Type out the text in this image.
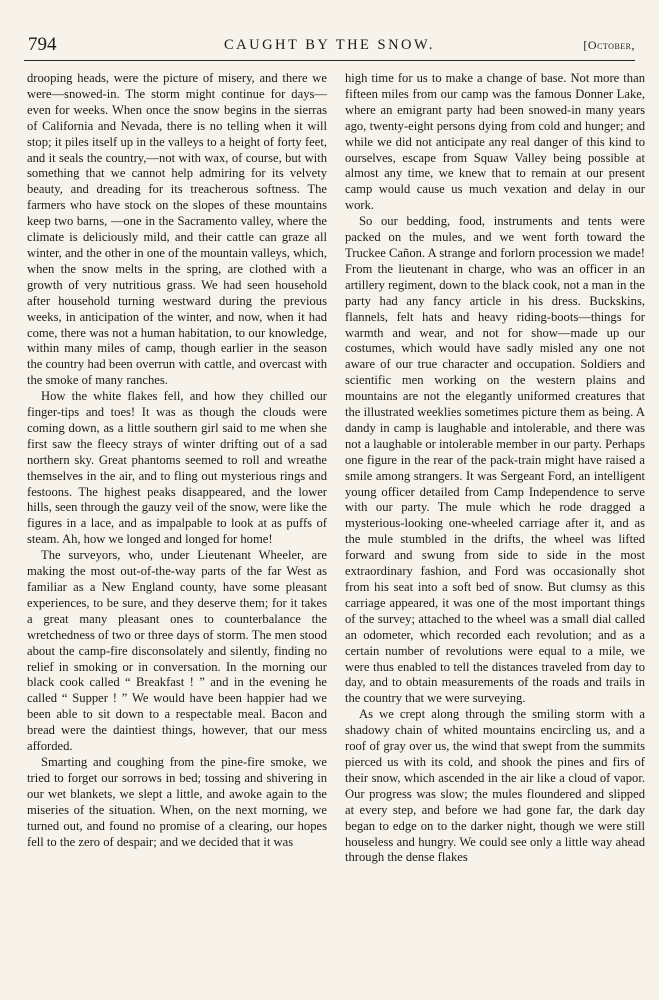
794	CAUGHT BY THE SNOW.	[October,

drooping heads, were the picture of misery, and there we were—snowed-in. The storm might continue for days—even for weeks. When once the snow begins in the sierras of California and Nevada, there is no telling when it will stop; it piles itself up in the valleys to a height of forty feet, and it seals the country,—not with wax, of course, but with something that we cannot help admiring for its velvety beauty, and dreading for its treacherous softness. The farmers who have stock on the slopes of these mountains keep two barns, —one in the Sacramento valley, where the climate is deliciously mild, and their cattle can graze all winter, and the other in one of the mountain valleys, which, when the snow melts in the spring, are clothed with a growth of very nutritious grass. We had seen household after household turning westward during the previous weeks, in anticipation of the winter, and now, when it had come, there was not a human habitation, to our knowledge, within many miles of camp, though earlier in the season the country had been overrun with cattle, and overcast with the smoke of many ranches.

How the white flakes fell, and how they chilled our finger-tips and toes! It was as though the clouds were coming down, as a little southern girl said to me when she first saw the fleecy strays of winter drifting out of a sad northern sky. Great phantoms seemed to roll and wreathe themselves in the air, and to fling out mysterious rings and festoons. The highest peaks disappeared, and the lower hills, seen through the gauzy veil of the snow, were like the figures in a lace, and as impalpable to look at as puffs of steam. Ah, how we longed and longed for home!

The surveyors, who, under Lieutenant Wheeler, are making the most out-of-the-way parts of the far West as familiar as a New England county, have some pleasant experiences, to be sure, and they deserve them; for it takes a great many pleasant ones to counterbalance the wretchedness of two or three days of storm. The men stood about the camp-fire disconsolately and silently, finding no relief in smoking or in conversation. In the morning our black cook called “ Breakfast ! ” and in the evening he called “ Supper ! ” We would have been happier had we been able to sit down to a respectable meal. Bacon and bread were the daintiest things, however, that our mess afforded.

Smarting and coughing from the pine-fire smoke, we tried to forget our sorrows in bed; tossing and shivering in our wet blankets, we slept a little, and awoke again to the miseries of the situation. When, on the next morning, we turned out, and found no promise of a clearing, our hopes fell to the zero of despair; and we decided that it was

high time for us to make a change of base. Not more than fifteen miles from our camp was the famous Donner Lake, where an emigrant party had been snowed-in many years ago, twenty-eight persons dying from cold and hunger; and while we did not anticipate any real danger of this kind to ourselves, escape from Squaw Valley being possible at almost any time, we knew that to remain at our present camp would cause us much vexation and delay in our work.

So our bedding, food, instruments and tents were packed on the mules, and we went forth toward the Truckee Cañon. A strange and forlorn procession we made! From the lieutenant in charge, who was an officer in an artillery regiment, down to the black cook, not a man in the party had any fancy article in his dress. Buckskins, flannels, felt hats and heavy riding-boots—things for warmth and wear, and not for show—made up our costumes, which would have sadly misled any one not aware of our true character and occupation. Soldiers and scientific men working on the western plains and mountains are not the elegantly uniformed creatures that the illustrated weeklies sometimes picture them as being. A dandy in camp is laughable and intolerable, and there was not a laughable or intolerable member in our party. Perhaps one figure in the rear of the pack-train might have raised a smile among strangers. It was Sergeant Ford, an intelligent young officer detailed from Camp Independence to serve with our party. The mule which he rode dragged a mysterious-looking one-wheeled carriage after it, and as the mule stumbled in the drifts, the wheel was lifted forward and swung from side to side in the most extraordinary fashion, and Ford was occasionally shot from his seat into a soft bed of snow. But clumsy as this carriage appeared, it was one of the most important things of the survey; attached to the wheel was a small dial called an odometer, which recorded each revolution; and as a certain number of revolutions were equal to a mile, we were thus enabled to tell the distances traveled from day to day, and to obtain measurements of the roads and trails in the country that we were surveying.

As we crept along through the smiling storm with a shadowy chain of whited mountains encircling us, and a roof of gray over us, the wind that swept from the summits pierced us with its cold, and shook the pines and firs of their snow, which ascended in the air like a cloud of vapor. Our progress was slow; the mules floundered and slipped at every step, and before we had gone far, the dark day began to edge on to the darker night, though we were still houseless and hungry. We could see only a little way ahead through the dense flakes
